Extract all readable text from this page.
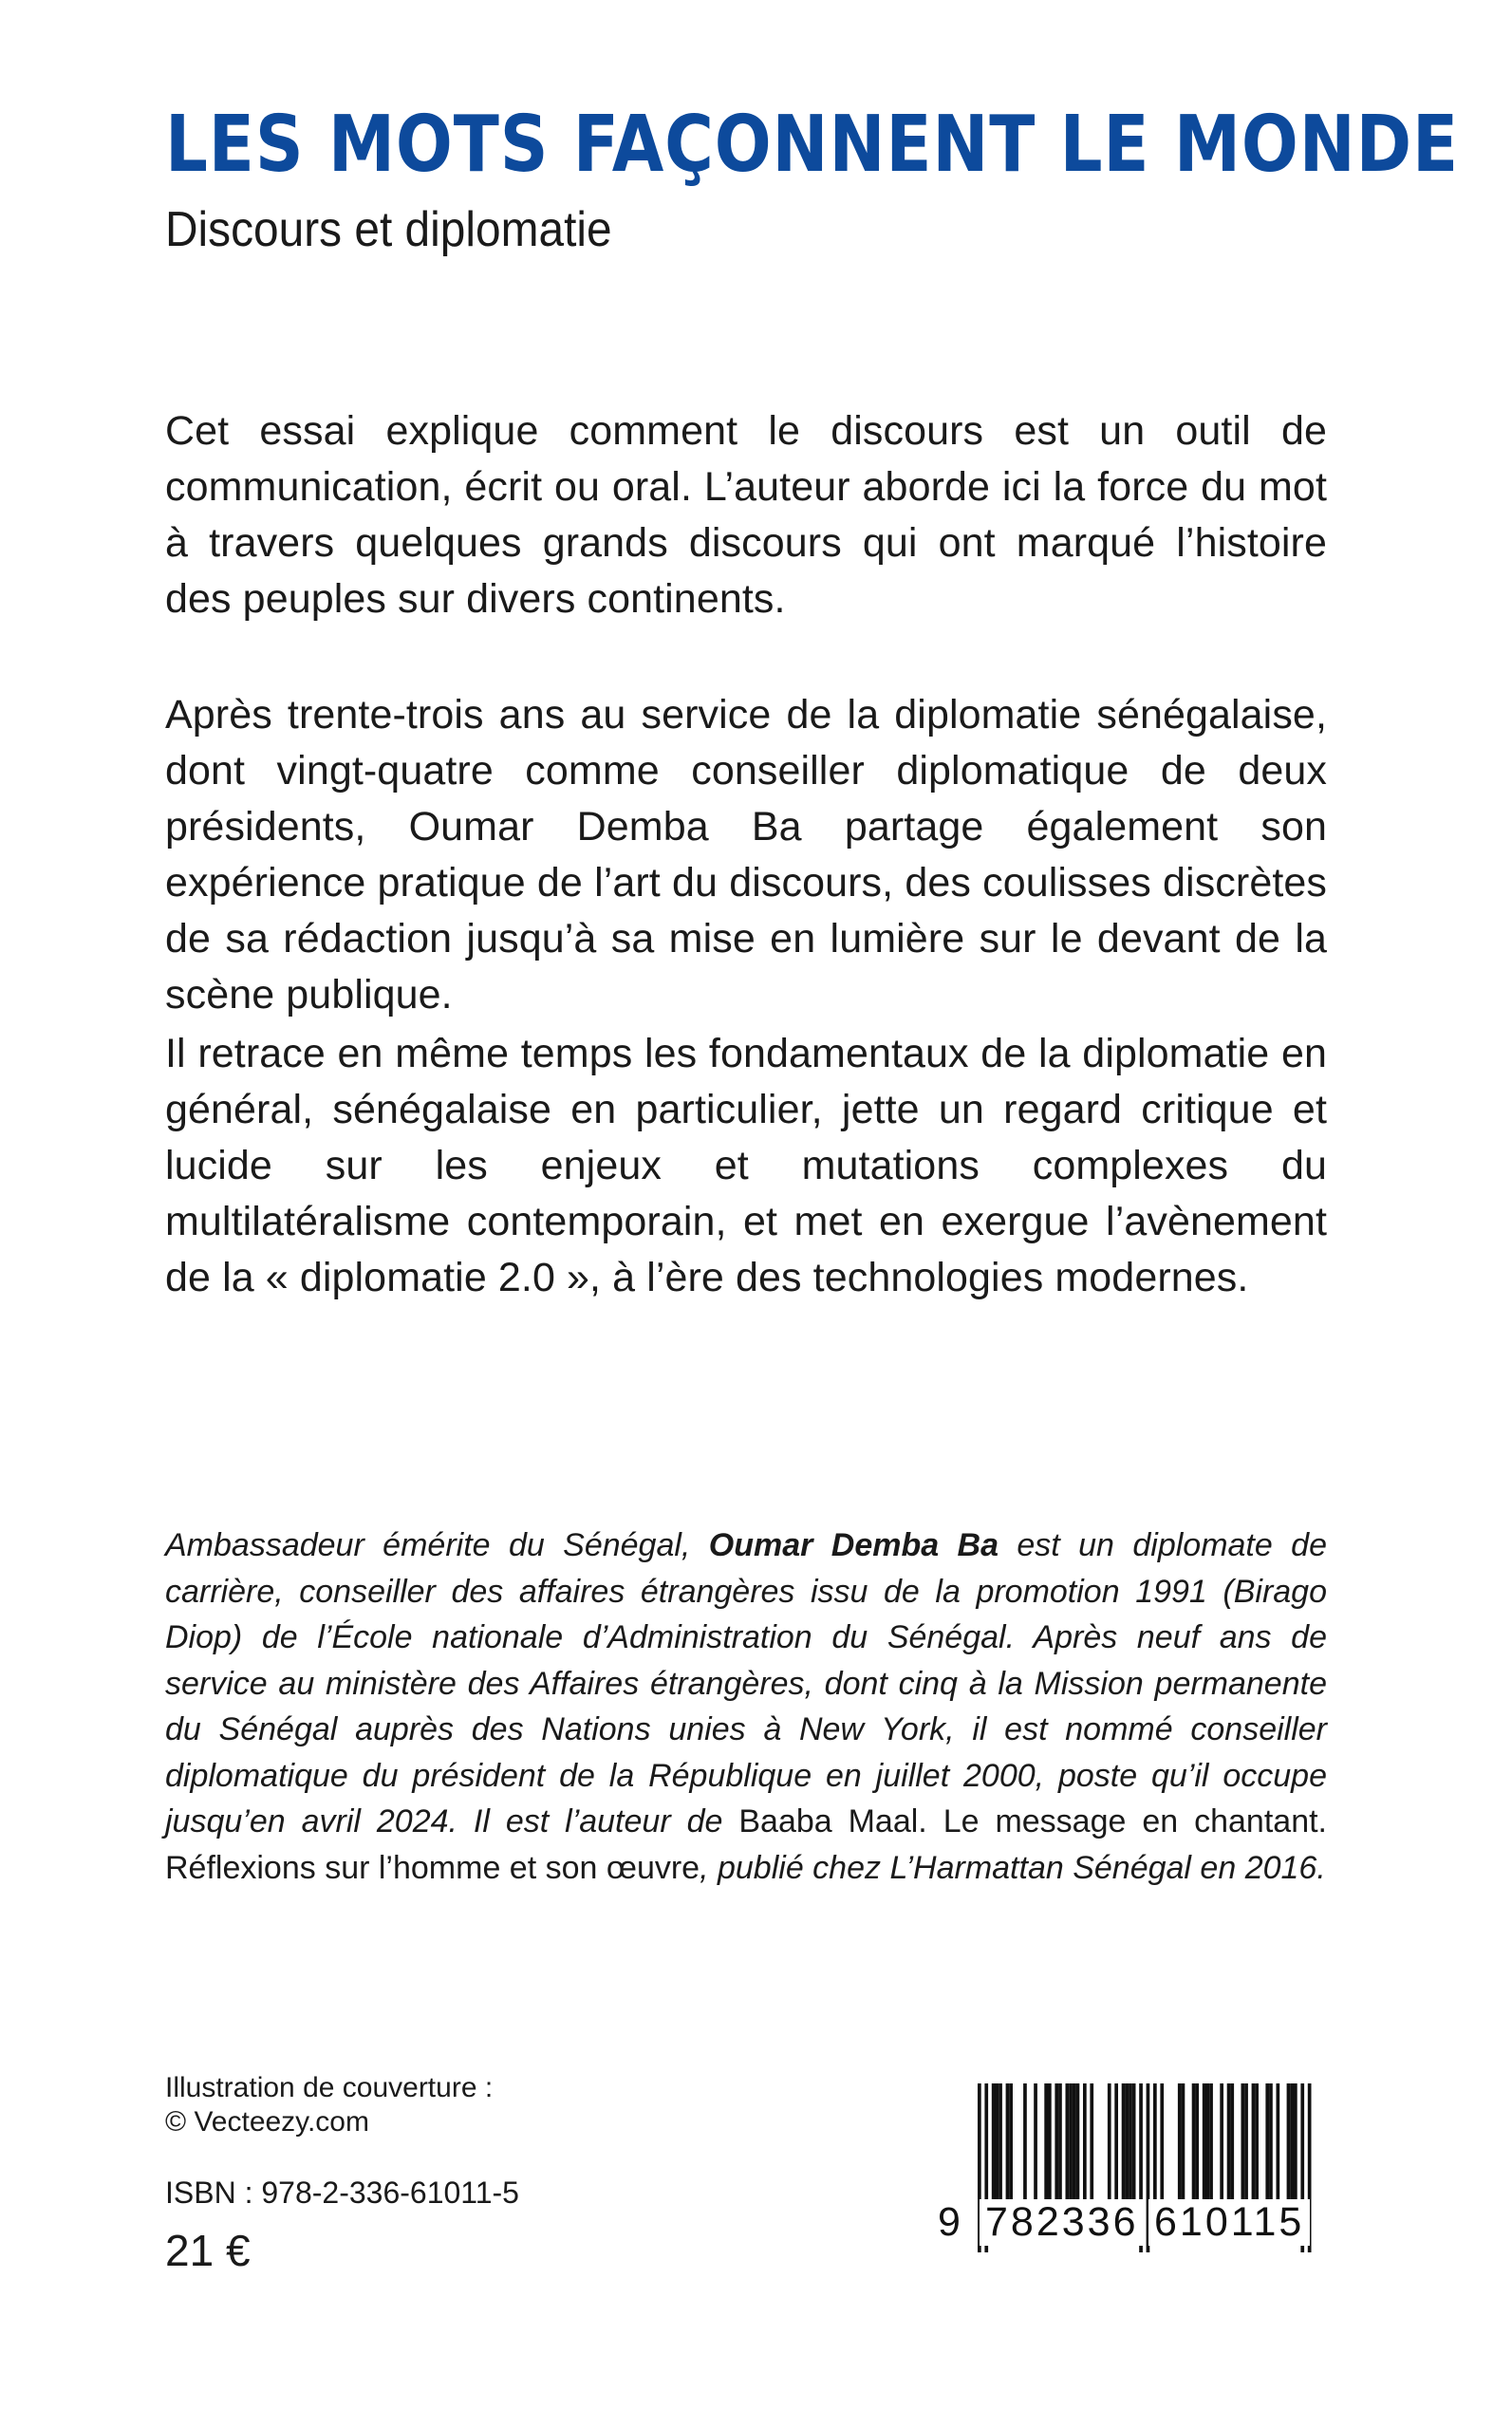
LES MOTS FAÇONNENT LE MONDE
Discours et diplomatie

Cet essai explique comment le discours est un outil de communication, écrit ou oral. L’auteur aborde ici la force du mot à travers quelques grands discours qui ont marqué l’histoire des peuples sur divers continents.

Après trente-trois ans au service de la diplomatie sénégalaise, dont vingt-quatre comme conseiller diplomatique de deux présidents, Oumar Demba Ba partage également son expérience pratique de l’art du discours, des coulisses discrètes de sa rédaction jusqu’à sa mise en lumière sur le devant de la scène publique.

Il retrace en même temps les fondamentaux de la diplomatie en général, sénégalaise en particulier, jette un regard critique et lucide sur les enjeux et mutations complexes du multilatéralisme contemporain, et met en exergue l’avènement de la « diplomatie 2.0 », à l’ère des technologies modernes.

Ambassadeur émérite du Sénégal, Oumar Demba Ba est un diplomate de carrière, conseiller des affaires étrangères issu de la promotion 1991 (Birago Diop) de l’École nationale d’Administration du Sénégal. Après neuf ans de service au ministère des Affaires étrangères, dont cinq à la Mission permanente du Sénégal auprès des Nations unies à New York, il est nommé conseiller diplomatique du président de la République en juillet 2000, poste qu’il occupe jusqu’en avril 2024. Il est l’auteur de Baaba Maal. Le message en chantant. Réflexions sur l’homme et son œuvre, publié chez L’Harmattan Sénégal en 2016.

Illustration de couverture :
© Vecteezy.com
ISBN : 978-2-336-61011-5
21 €
9 782336 610115
